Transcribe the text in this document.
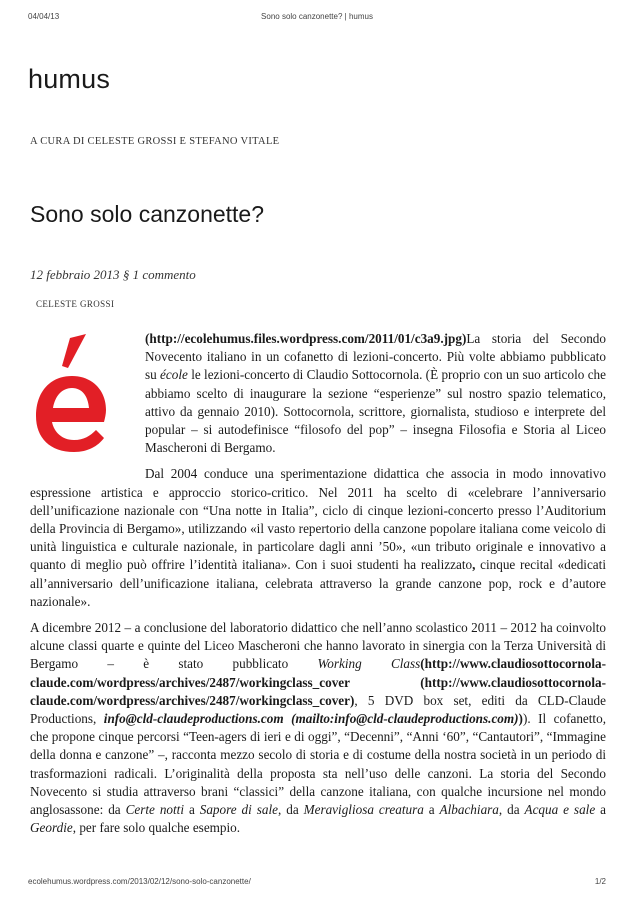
04/04/13	Sono solo canzonette? | humus
humus
A CURA DI CELESTE GROSSI E STEFANO VITALE
Sono solo canzonette?
12 febbraio 2013 § 1 commento
CELESTE GROSSI

(http://ecolehumus.files.wordpress.com/2011/01/c3a9.jpg)La storia del Secondo Novecento italiano in un cofanetto di lezioni-concerto. Più volte abbiamo pubblicato su école le lezioni-concerto di Claudio Sottocornola. (È proprio con un suo articolo che abbiamo scelto di inaugurare la sezione “esperienze” sul nostro spazio telematico, attivo da gennaio 2010). Sottocornola, scrittore, giornalista, studioso e interprete del popular – si autodefinisce “filosofo del pop” – insegna Filosofia e Storia al Liceo Mascheroni di Bergamo.

Dal 2004 conduce una sperimentazione didattica che associa in modo innovativo espressione artistica e approccio storico-critico. Nel 2011 ha scelto di «celebrare l’anniversario dell’unificazione nazionale con “Una notte in Italia”, ciclo di cinque lezioni-concerto presso l’Auditorium della Provincia di Bergamo», utilizzando «il vasto repertorio della canzone popolare italiana come veicolo di unità linguistica e culturale nazionale, in particolare dagli anni ’50», «un tributo originale e innovativo a quanto di meglio può offrire l’identità italiana». Con i suoi studenti ha realizzato, cinque recital «dedicati all’anniversario dell’unificazione italiana, celebrata attraverso la grande canzone pop, rock e d’autore nazionale».

A dicembre 2012 – a conclusione del laboratorio didattico che nell’anno scolastico 2011 – 2012 ha coinvolto alcune classi quarte e quinte del Liceo Mascheroni che hanno lavorato in sinergia con la Terza Università di Bergamo – è stato pubblicato Working Class(http://www.claudiosottocornola-claude.com/wordpress/archives/2487/workingclass_cover (http://www.claudiosottocornola-claude.com/wordpress/archives/2487/workingclass_cover), 5 DVD box set, editi da CLD-Claude Productions, info@cld-claudeproductions.com (mailto:info@cld-claudeproductions.com))). Il cofanetto, che propone cinque percorsi “Teen-agers di ieri e di oggi”, “Decenni”, “Anni ‘60”, “Cantautori”, “Immagine della donna e canzone” –, racconta mezzo secolo di storia e di costume della nostra società in un periodo di trasformazioni radicali. L’originalità della proposta sta nell’uso delle canzoni. La storia del Secondo Novecento si studia attraverso brani “classici” della canzone italiana, con qualche incursione nel mondo anglosassone: da Certe notti a Sapore di sale, da Meravigliosa creatura a Albachiara, da Acqua e sale a Geordie, per fare solo qualche esempio.

ecolehumus.wordpress.com/2013/02/12/sono-solo-canzonette/	1/2
